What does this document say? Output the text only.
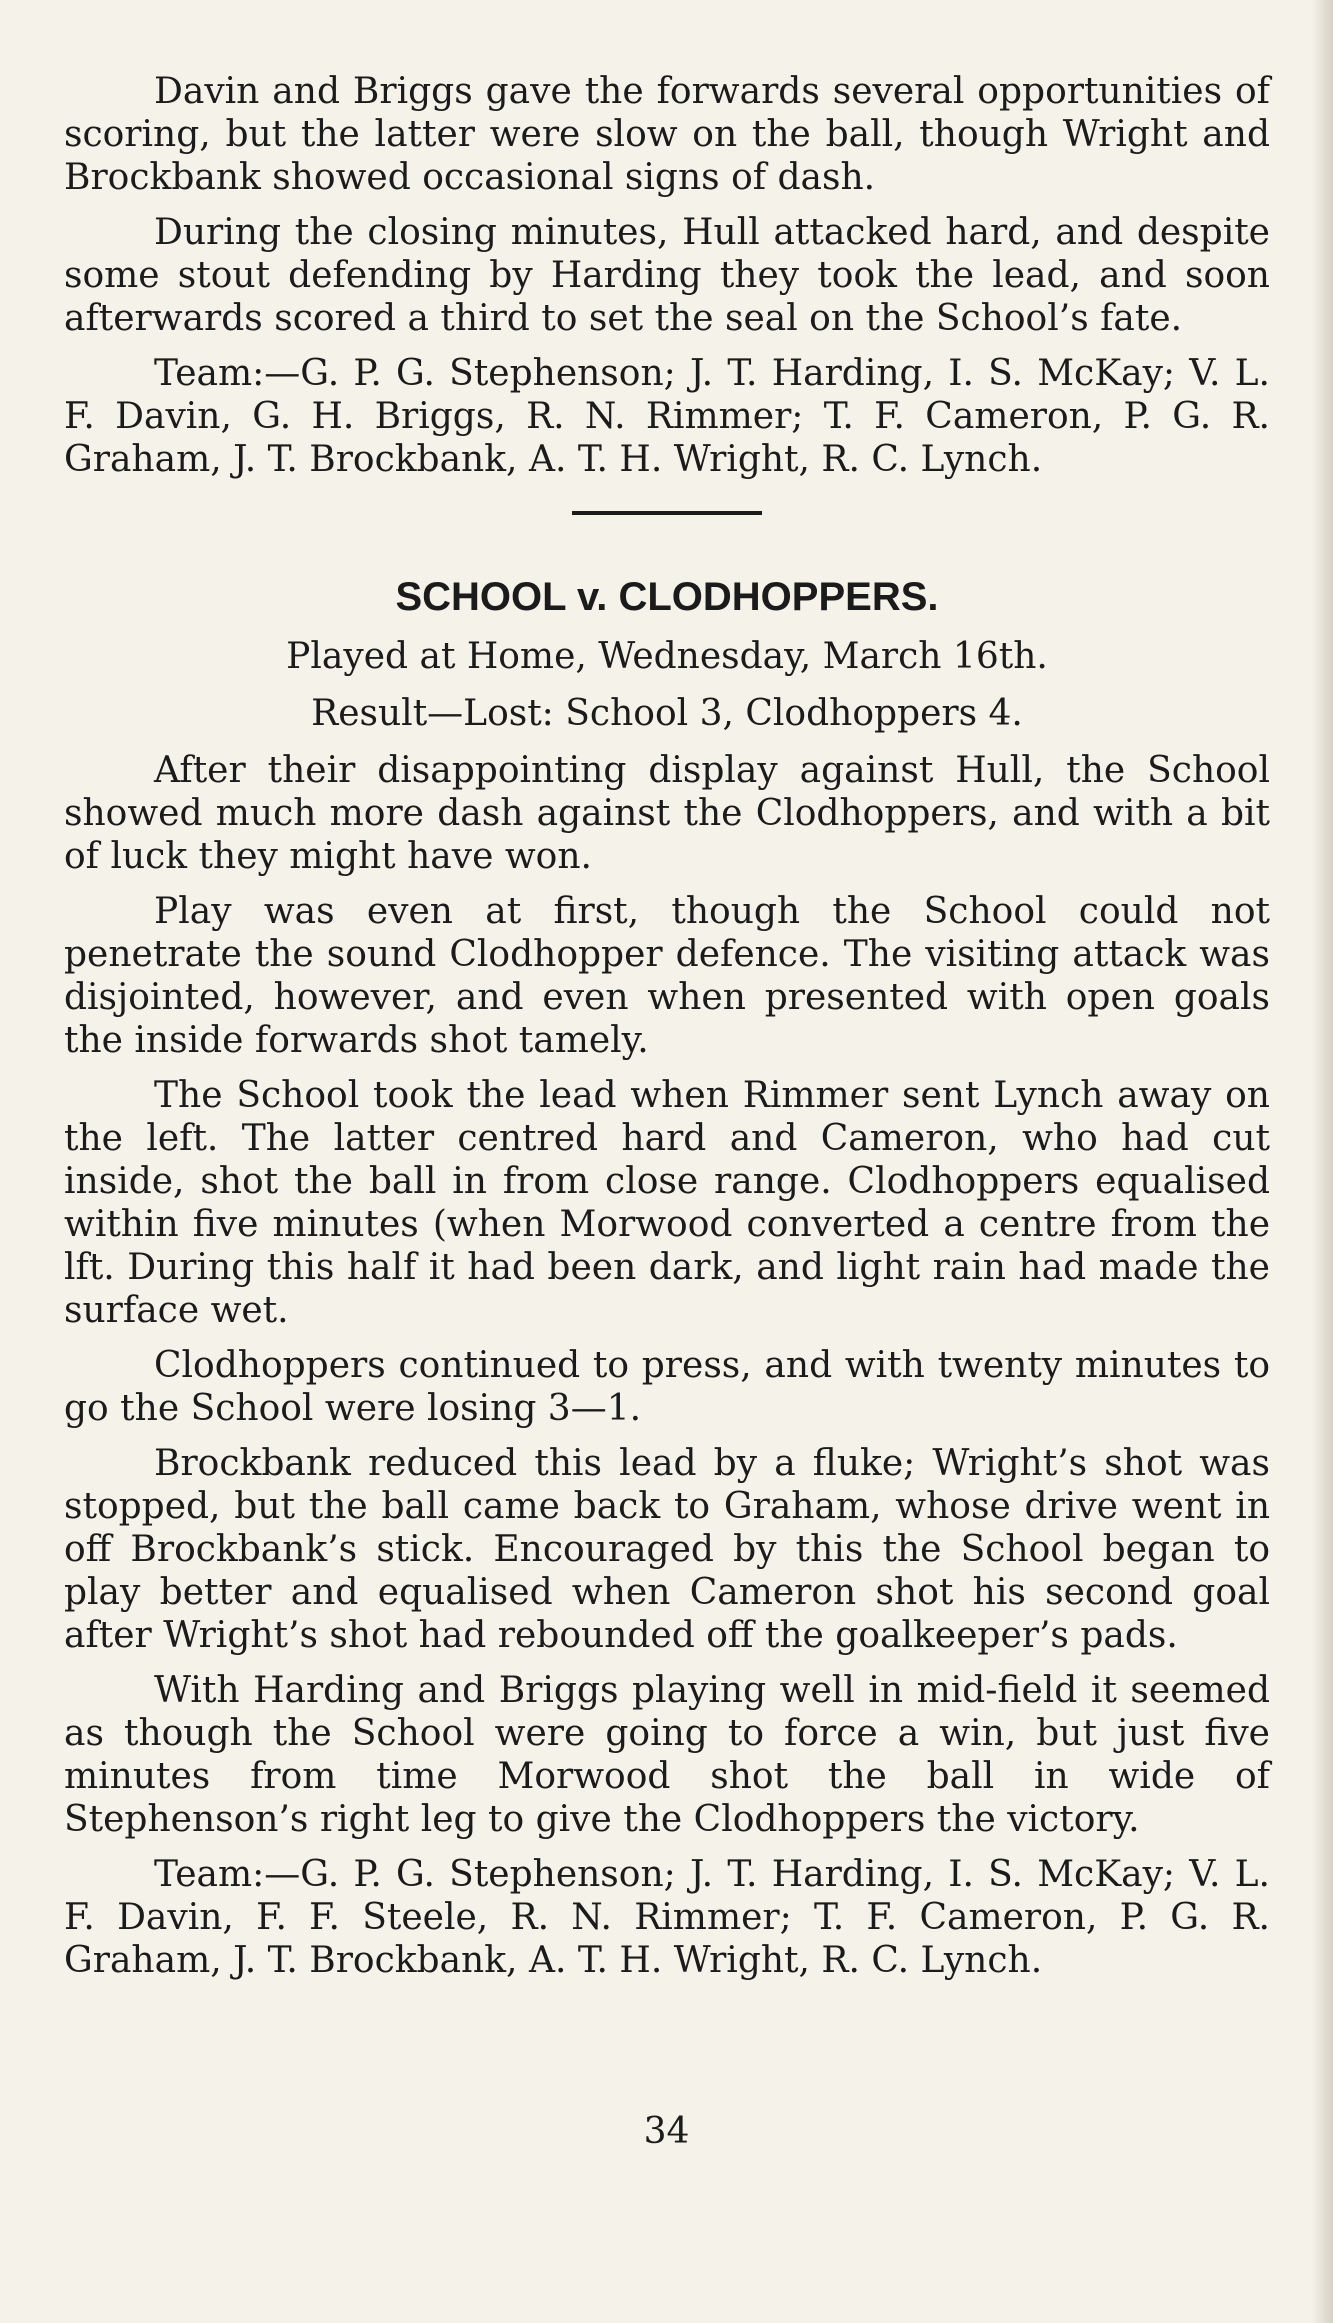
Davin and Briggs gave the forwards several opportunities of scoring, but the latter were slow on the ball, though Wright and Brockbank showed occasional signs of dash.

During the closing minutes, Hull attacked hard, and despite some stout defending by Harding they took the lead, and soon afterwards scored a third to set the seal on the School’s fate.

Team:—G. P. G. Stephenson; J. T. Harding, I. S. McKay; V. L. F. Davin, G. H. Briggs, R. N. Rimmer; T. F. Cameron, P. G. R. Graham, J. T. Brockbank, A. T. H. Wright, R. C. Lynch.

SCHOOL v. CLODHOPPERS.

Played at Home, Wednesday, March 16th.

Result—Lost: School 3, Clodhoppers 4.

After their disappointing display against Hull, the School showed much more dash against the Clodhoppers, and with a bit of luck they might have won.

Play was even at first, though the School could not penetrate the sound Clodhopper defence. The visiting attack was disjointed, however, and even when presented with open goals the inside forwards shot tamely.

The School took the lead when Rimmer sent Lynch away on the left. The latter centred hard and Cameron, who had cut inside, shot the ball in from close range. Clodhoppers equalised within five minutes (when Morwood converted a centre from the lft. During this half it had been dark, and light rain had made the surface wet.

Clodhoppers continued to press, and with twenty minutes to go the School were losing 3—1.

Brockbank reduced this lead by a fluke; Wright’s shot was stopped, but the ball came back to Graham, whose drive went in off Brockbank’s stick. Encouraged by this the School began to play better and equalised when Cameron shot his second goal after Wright’s shot had rebounded off the goalkeeper’s pads.

With Harding and Briggs playing well in mid-field it seemed as though the School were going to force a win, but just five minutes from time Morwood shot the ball in wide of Stephenson’s right leg to give the Clodhoppers the victory.

Team:—G. P. G. Stephenson; J. T. Harding, I. S. McKay; V. L. F. Davin, F. F. Steele, R. N. Rimmer; T. F. Cameron, P. G. R. Graham, J. T. Brockbank, A. T. H. Wright, R. C. Lynch.

34
